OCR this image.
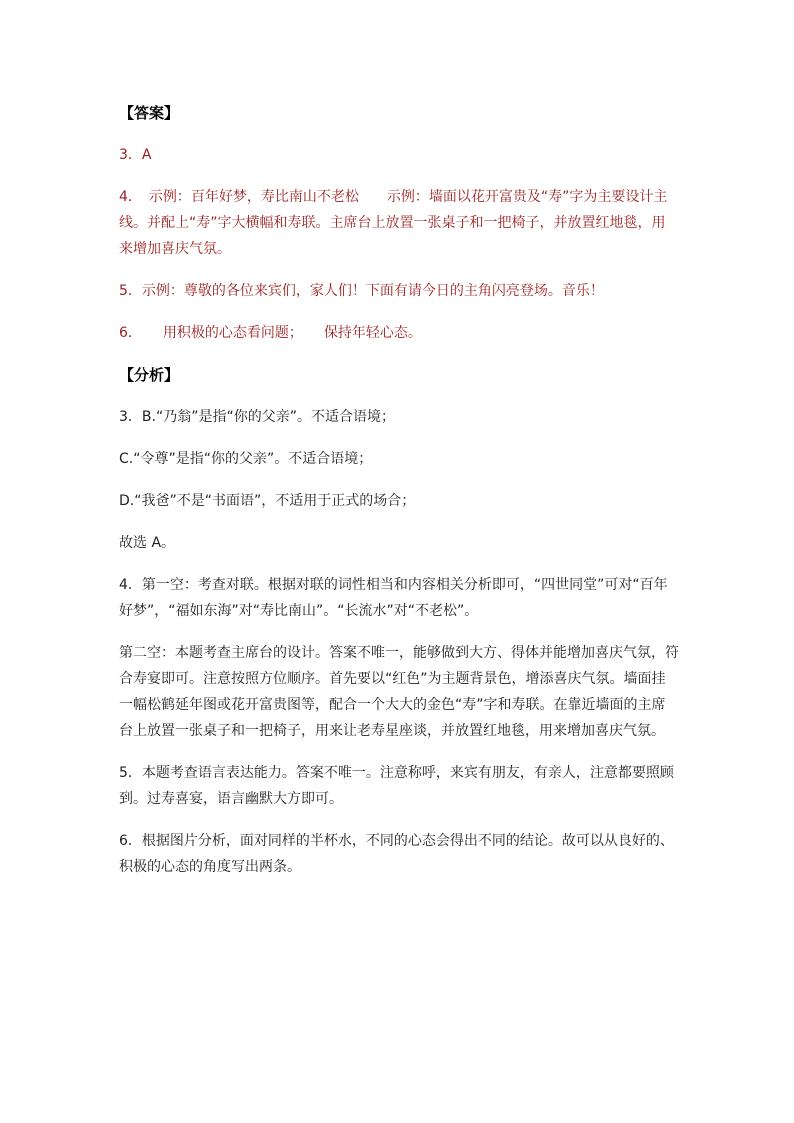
【答案】

3．A

4．　示例：百年好梦，寿比南山不老松　　示例：墙面以花开富贵及“寿”字为主要设计主线。并配上“寿”字大横幅和寿联。主席台上放置一张桌子和一把椅子，并放置红地毯，用来增加喜庆气氛。

5．示例：尊敬的各位来宾们，家人们！下面有请今日的主角闪亮登场。音乐！

6．　　用积极的心态看问题；　　保持年轻心态。

【分析】

3．B.“乃翁”是指“你的父亲”。不适合语境；

C.“令尊”是指“你的父亲”。不适合语境；

D.“我爸”不是“书面语”，不适用于正式的场合；

故选 A。

4．第一空：考查对联。根据对联的词性相当和内容相关分析即可，“四世同堂”可对“百年好梦”，“福如东海”对“寿比南山”。“长流水”对“不老松”。

第二空：本题考查主席台的设计。答案不唯一，能够做到大方、得体并能增加喜庆气氛，符合寿宴即可。注意按照方位顺序。首先要以“红色”为主题背景色，增添喜庆气氛。墙面挂一幅松鹤延年图或花开富贵图等，配合一个大大的金色“寿”字和寿联。在靠近墙面的主席台上放置一张桌子和一把椅子，用来让老寿星座谈，并放置红地毯，用来增加喜庆气氛。

5．本题考查语言表达能力。答案不唯一。注意称呼，来宾有朋友，有亲人，注意都要照顾到。过寿喜宴，语言幽默大方即可。

6．根据图片分析，面对同样的半杯水，不同的心态会得出不同的结论。故可以从良好的、积极的心态的角度写出两条。
